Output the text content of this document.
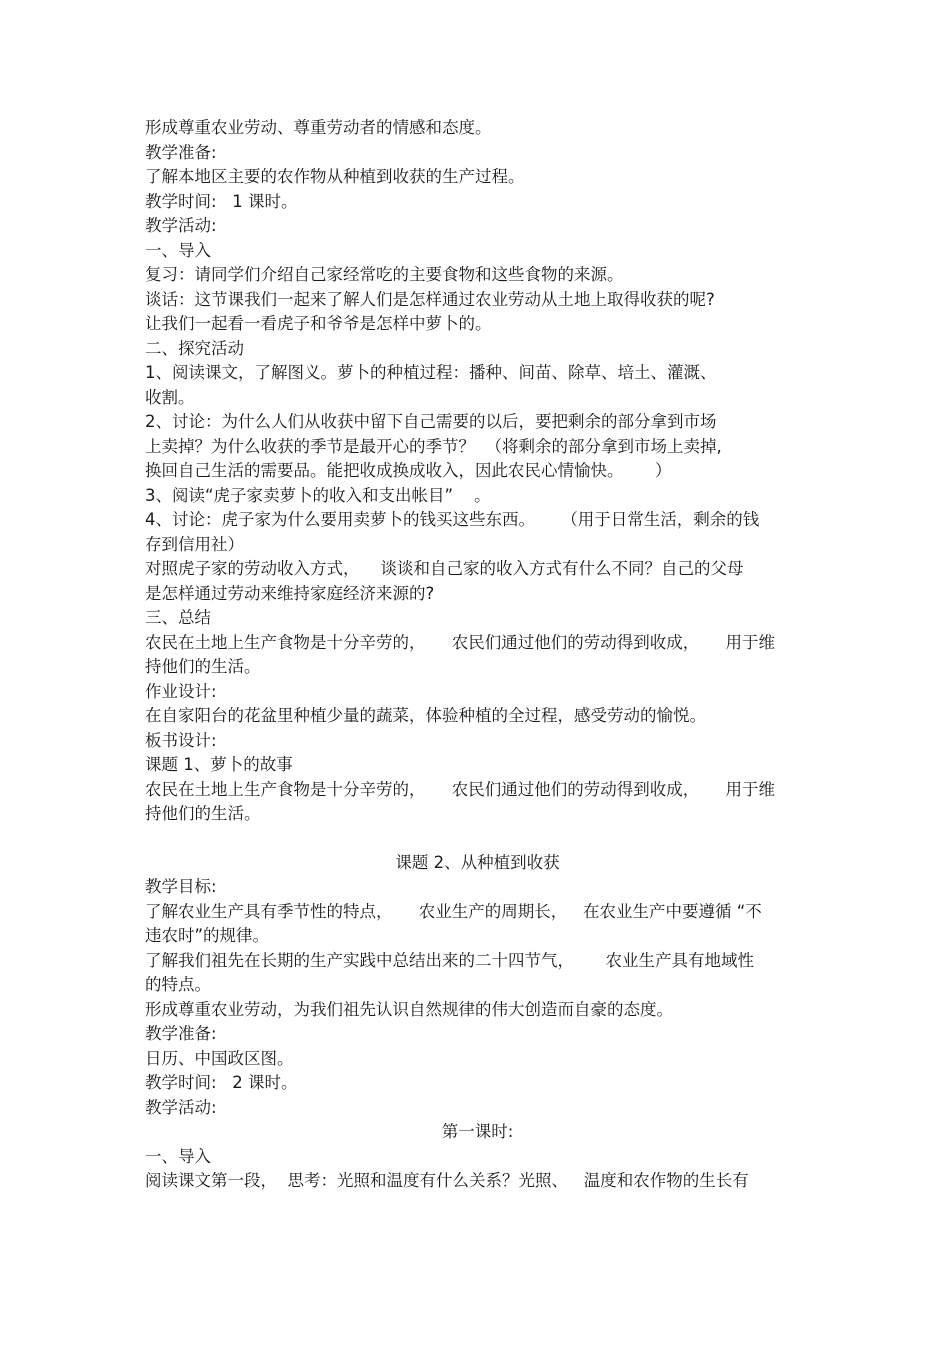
形成尊重农业劳动、尊重劳动者的情感和态度。
教学准备:
了解本地区主要的农作物从种植到收获的生产过程。
教学时间:   1 课时。
教学活动:
一、导入
复习：请同学们介绍自己家经常吃的主要食物和这些食物的来源。
谈话：这节课我们一起来了解人们是怎样通过农业劳动从土地上取得收获的呢?
让我们一起看一看虎子和爷爷是怎样中萝卜的。
二、探究活动
1、阅读课文，了解图义。萝卜的种植过程：播种、间苗、除草、培土、灌溉、
收割。
2、讨论：为什么人们从收获中留下自己需要的以后，要把剩余的部分拿到市场
上卖掉？为什么收获的季节是最开心的季节？  （将剩余的部分拿到市场上卖掉,
换回自己生活的需要品。能把收成换成收入，因此农民心情愉快。      ）
3、阅读“虎子家卖萝卜的收入和支出帐目”    。
4、讨论：虎子家为什么要用卖萝卜的钱买这些东西。     （用于日常生活，剩余的钱
存到信用社）
对照虎子家的劳动收入方式，    谈谈和自己家的收入方式有什么不同？自己的父母
是怎样通过劳动来维持家庭经济来源的?
三、总结
农民在土地上生产食物是十分辛劳的，     农民们通过他们的劳动得到收成，     用于维
持他们的生活。
作业设计:
在自家阳台的花盆里种植少量的蔬菜，体验种植的全过程，感受劳动的愉悦。
板书设计:
课题 1、萝卜的故事
农民在土地上生产食物是十分辛劳的，     农民们通过他们的劳动得到收成，     用于维
持他们的生活。
课题 2、从种植到收获
教学目标:
了解农业生产具有季节性的特点，     农业生产的周期长，   在农业生产中要遵循 “不
违农时”的规律。
了解我们祖先在长期的生产实践中总结出来的二十四节气，      农业生产具有地域性
的特点。
形成尊重农业劳动，为我们祖先认识自然规律的伟大创造而自豪的态度。
教学准备:
日历、中国政区图。
教学时间:   2 课时。
教学活动:
第一课时:
一、导入
阅读课文第一段，  思考：光照和温度有什么关系？光照、   温度和农作物的生长有
